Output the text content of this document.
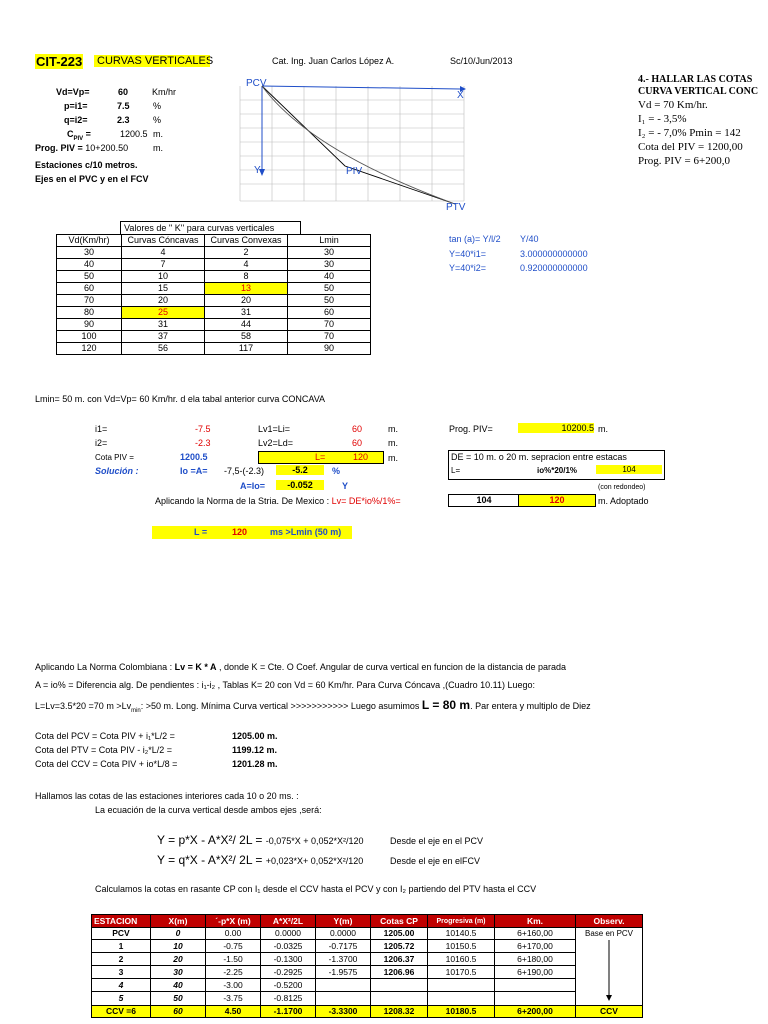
CIT-223 CURVAS VERTICALES	Cat. Ing. Juan Carlos López A.	Sc/10/Jun/2013
Vd=Vp=	60	Km/hr
p=i1=	7.5	%
q=i2=	2.3	%
$C_{PIV}$ =	1200.5 m.
Prog. PIV = 10+200.50	m.
Estaciones c/10 metros.
Ejes en el PVC y en el FCV
PCV
X
Y	PIV
PTV
4.- HALLAR LAS COTAS
CURVA VERTICAL CONC
Vd = 70 Km/hr.
I₁ = - 3,5%
I₂ = - 7,0% Pmin = 142
Cota del PIV = 1200,00
Prog. PIV = 6+200,0
Valores de '' K'' para curvas verticales
Vd(Km/hr)	Curvas Cóncavas	Curvas Convexas	Lmin
30	4	2	30
40	7	4	30
50	10	8	40
60	15	13	50
70	20	20	50
80	25	31	60
90	31	44	70
100	37	58	70
120	56	117	90
tan (a)= Y/l/2 Y/40
Y=40*i1=	3.000000000000
Y=40*i2=	0.920000000000
Lmin= 50 m. con Vd=Vp= 60 Km/hr. d ela tabal anterior curva CONCAVA
i1=	-7.5
i2=	-2.3
Cota PIV =	1200.5
Solución :	Io =A= -7,5-(-2.3)	-5.2	%
A=Io=	-0.052	Y
Lv1=Li=	60	m.
Lv2=Ld=	60	m.
L=	120 m.
Prog. PIV=	10200.5 m.
DE = 10 m. o 20 m. sepracion entre estacas
L=	io%*20/1%	104
(con redondeo)
Aplicando la Norma de la Stria. De Mexico : Lv= DE*io%/1%=	104	120	m. Adoptado
L =	120	ms >Lmin (50 m)
Aplicando La Norma Colombiana : Lv = K * A , donde K = Cte. O Coef. Angular de curva vertical en funcion de la distancia de parada
A = io% = Diferencia alg. De pendientes : i₁-i₂ , Tablas K= 20 con Vd = 60 Km/hr. Para Curva Cóncava ,(Cuadro 10.11) Luego:
L=Lv=3.5*20 =70 $m >Lv_{min}$: >50 m. Long. Mínima Curva vertical >>>>>>>>>>> Luego asumimos L = 80 m. Par entera y multiplo de Diez
Cota del PCV = Cota PIV + i₁*L/2 =	1205.00 m.
Cota del PTV = Cota PIV - i₂*L/2 =	1199.12 m.
Cota del CCV = Cota PIV + io*L/8 =	1201.28 m.
Hallamos las cotas de las estaciones interiores cada 10 o 20 ms. :
La ecuación de la curva vertical desde ambos ejes ,será:
Y = p*X - A*X²/ 2L = -0,075*X + 0,052*X²/120	Desde el eje en el PCV
Y = q*X - A*X²/ 2L = +0,023*X+ 0,052*X²/120	Desde el eje en elFCV
Calculamos la cotas en rasante CP con I₁ desde el CCV hasta el PCV y con I₂ partiendo del PTV hasta el CCV
ESTACION	X(m)	´-p*X (m)	A*X²/2L	Y(m)	Cotas CP	Progresiva (m)	Km.	Observ.
PCV	0	0.00	0.0000	0.0000	1205.00	10140.5	6+160,00	Base en PCV
1	10	-0.75	-0.0325	-0.7175	1205.72	10150.5	6+170,00	
2	20	-1.50	-0.1300	-1.3700	1206.37	10160.5	6+180,00	
3	30	-2.25	-0.2925	-1.9575	1206.96	10170.5	6+190,00	
4	40	-3.00	-0.5200					
5	50	-3.75	-0.8125					
CCV =6	60	4.50	-1.1700	-3.3300	1208.32	10180.5	6+200,00	CCV
